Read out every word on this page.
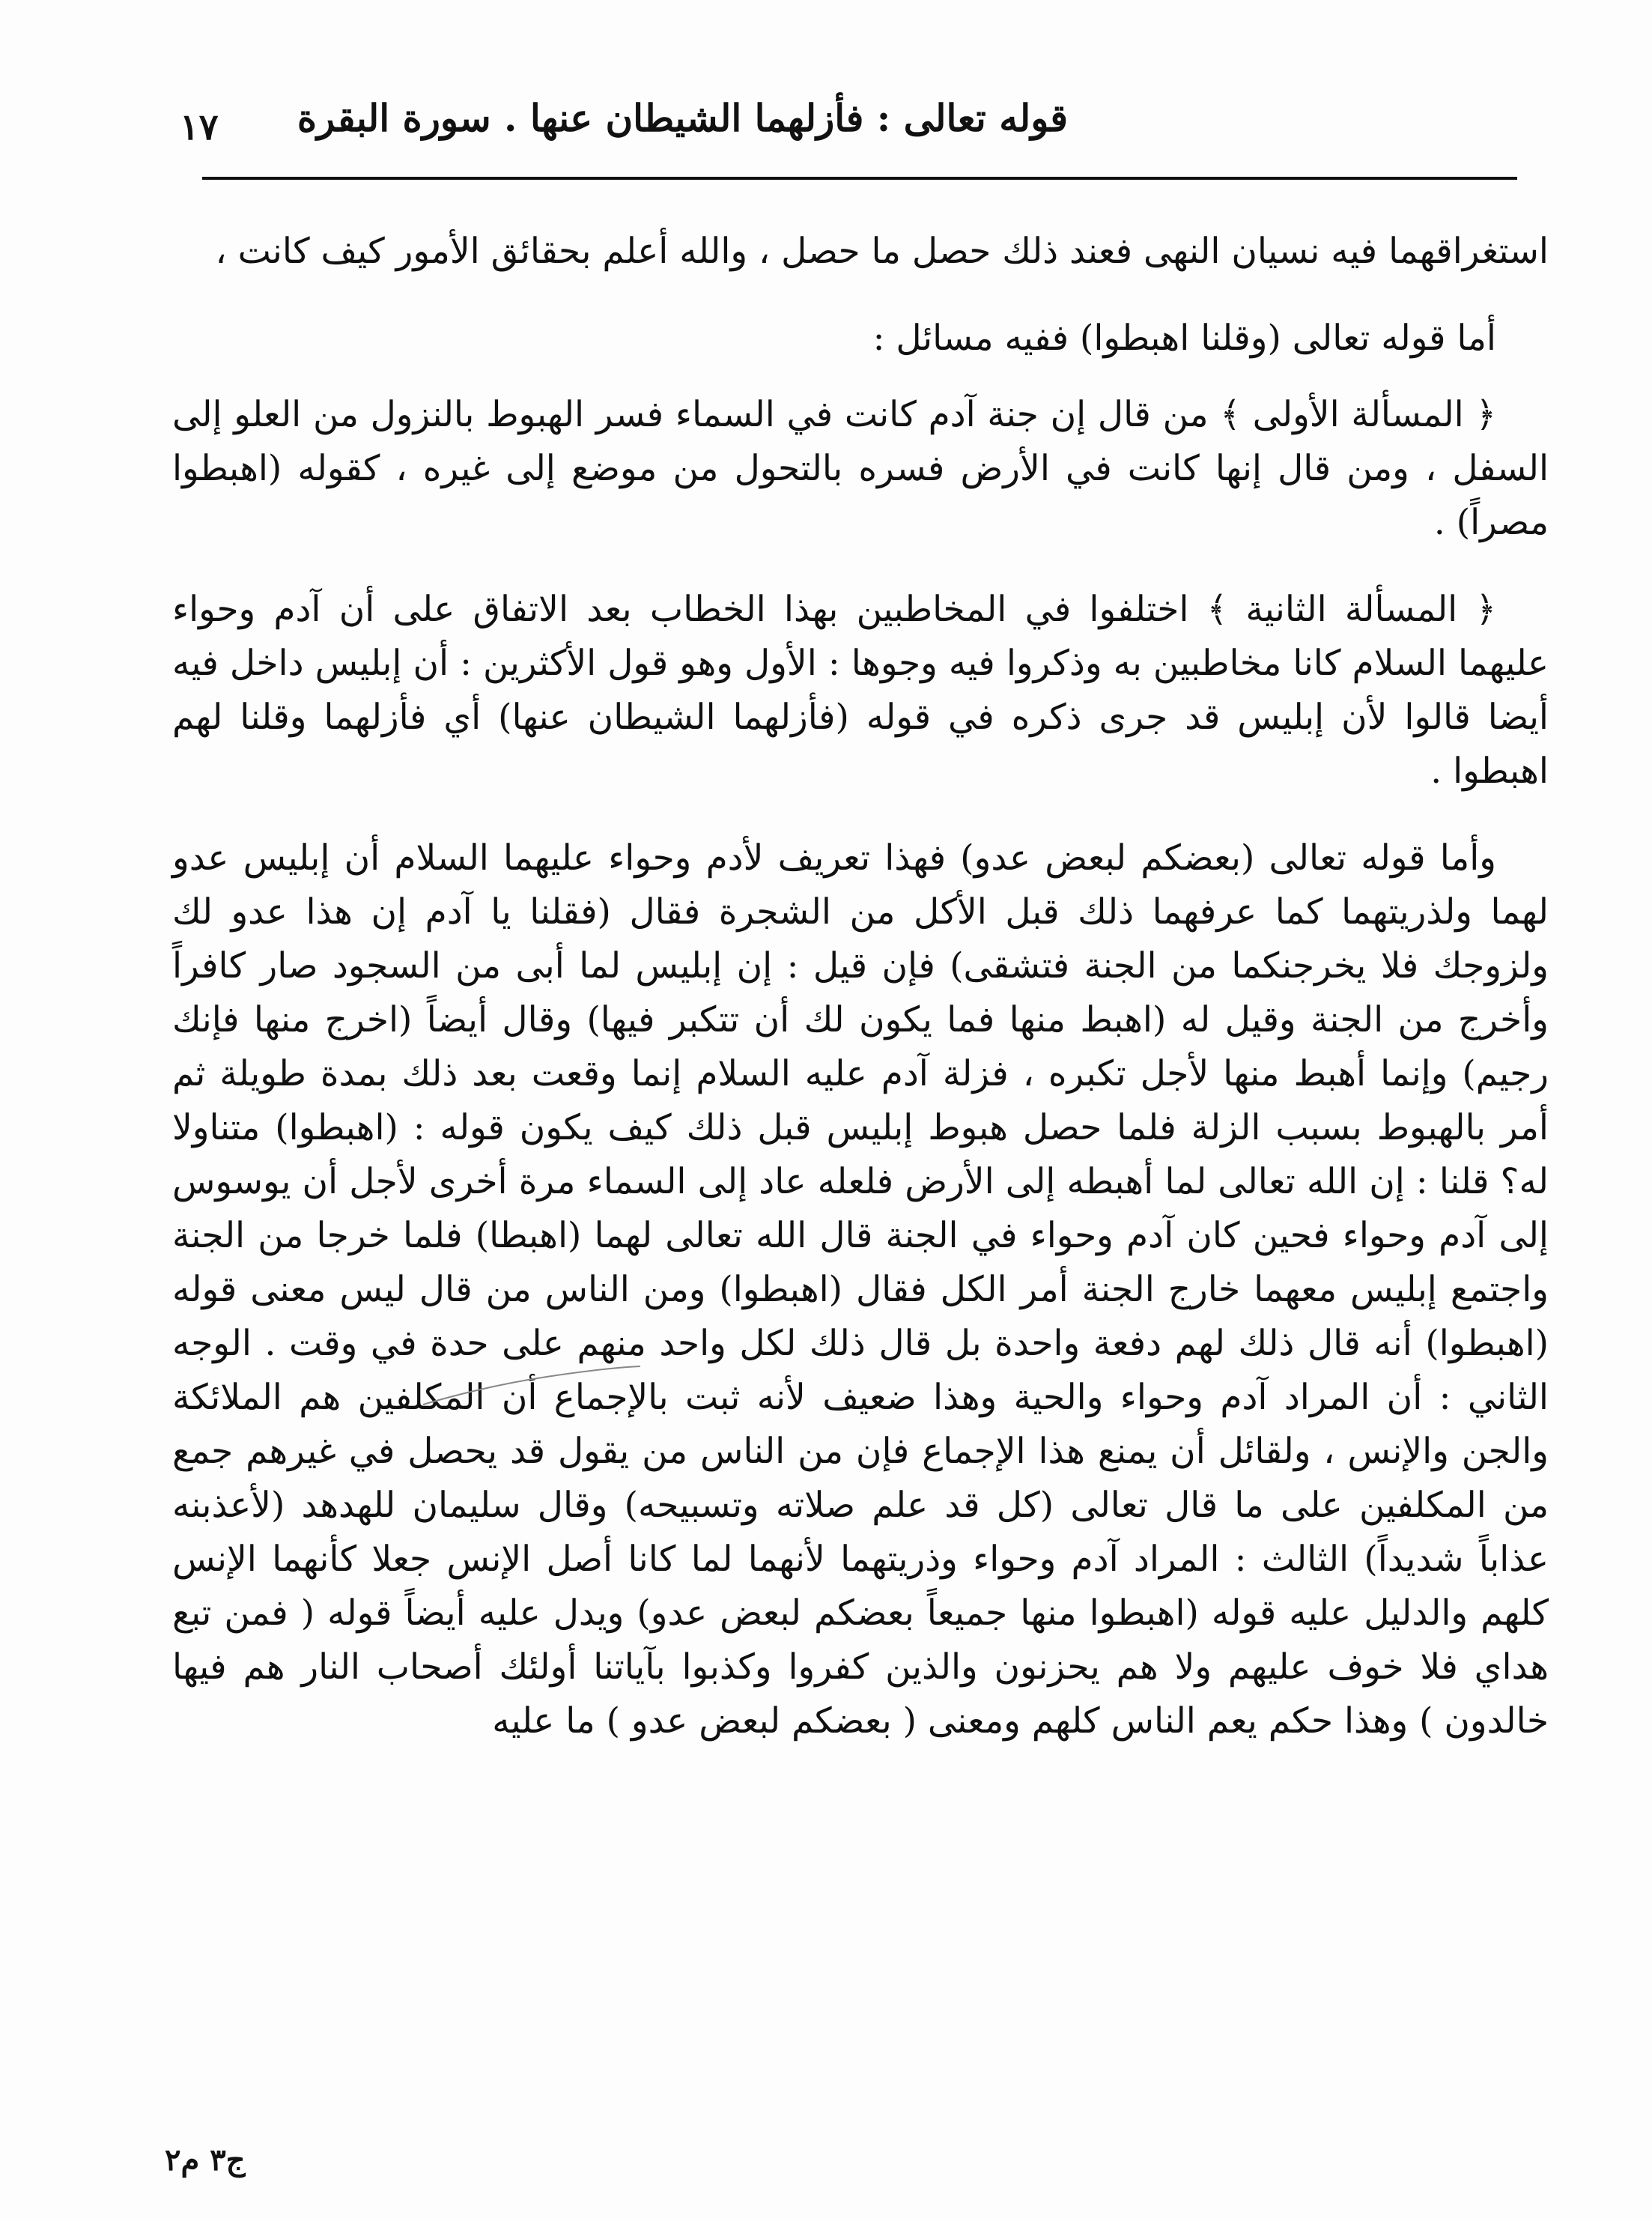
قوله تعالى : فأزلهما الشيطان عنها . سورة البقرة
١٧

استغراقهما فيه نسيان النهى فعند ذلك حصل ما حصل ، والله أعلم بحقائق الأمور كيف كانت ،

أما قوله تعالى (وقلنا اهبطوا) ففيه مسائل :

﴿ المسألة الأولى ﴾ من قال إن جنة آدم كانت في السماء فسر الهبوط بالنزول من العلو إلى السفل ، ومن قال إنها كانت في الأرض فسره بالتحول من موضع إلى غيره ، كقوله (اهبطوا مصراً) .

﴿ المسألة الثانية ﴾ اختلفوا في المخاطبين بهذا الخطاب بعد الاتفاق على أن آدم وحواء عليهما السلام كانا مخاطبين به وذكروا فيه وجوها : الأول وهو قول الأكثرين : أن إبليس داخل فيه أيضا قالوا لأن إبليس قد جرى ذكره في قوله (فأزلهما الشيطان عنها) أي فأزلهما وقلنا لهم اهبطوا .

وأما قوله تعالى (بعضكم لبعض عدو) فهذا تعريف لأدم وحواء عليهما السلام أن إبليس عدو لهما ولذريتهما كما عرفهما ذلك قبل الأكل من الشجرة فقال (فقلنا يا آدم إن هذا عدو لك ولزوجك فلا يخرجنكما من الجنة فتشقى) فإن قيل : إن إبليس لما أبى من السجود صار كافراً وأخرج من الجنة وقيل له (اهبط منها فما يكون لك أن تتكبر فيها) وقال أيضاً (اخرج منها فإنك رجيم) وإنما أهبط منها لأجل تكبره ، فزلة آدم عليه السلام إنما وقعت بعد ذلك بمدة طويلة ثم أمر بالهبوط بسبب الزلة فلما حصل هبوط إبليس قبل ذلك كيف يكون قوله : (اهبطوا) متناولا له؟ قلنا : إن الله تعالى لما أهبطه إلى الأرض فلعله عاد إلى السماء مرة أخرى لأجل أن يوسوس إلى آدم وحواء فحين كان آدم وحواء في الجنة قال الله تعالى لهما (اهبطا) فلما خرجا من الجنة واجتمع إبليس معهما خارج الجنة أمر الكل فقال (اهبطوا) ومن الناس من قال ليس معنى قوله (اهبطوا) أنه قال ذلك لهم دفعة واحدة بل قال ذلك لكل واحد منهم على حدة في وقت . الوجه الثاني : أن المراد آدم وحواء والحية وهذا ضعيف لأنه ثبت بالإجماع أن المكلفين هم الملائكة والجن والإنس ، ولقائل أن يمنع هذا الإجماع فإن من الناس من يقول قد يحصل في غيرهم جمع من المكلفين على ما قال تعالى (كل قد علم صلاته وتسبيحه) وقال سليمان للهدهد (لأعذبنه عذاباً شديداً) الثالث : المراد آدم وحواء وذريتهما لأنهما لما كانا أصل الإنس جعلا كأنهما الإنس كلهم والدليل عليه قوله (اهبطوا منها جميعاً بعضكم لبعض عدو) ويدل عليه أيضاً قوله ( فمن تبع هداي فلا خوف عليهم ولا هم يحزنون والذين كفروا وكذبوا بآياتنا أولئك أصحاب النار هم فيها خالدون ) وهذا حكم يعم الناس كلهم ومعنى ( بعضكم لبعض عدو ) ما عليه

ج٣ م٢
